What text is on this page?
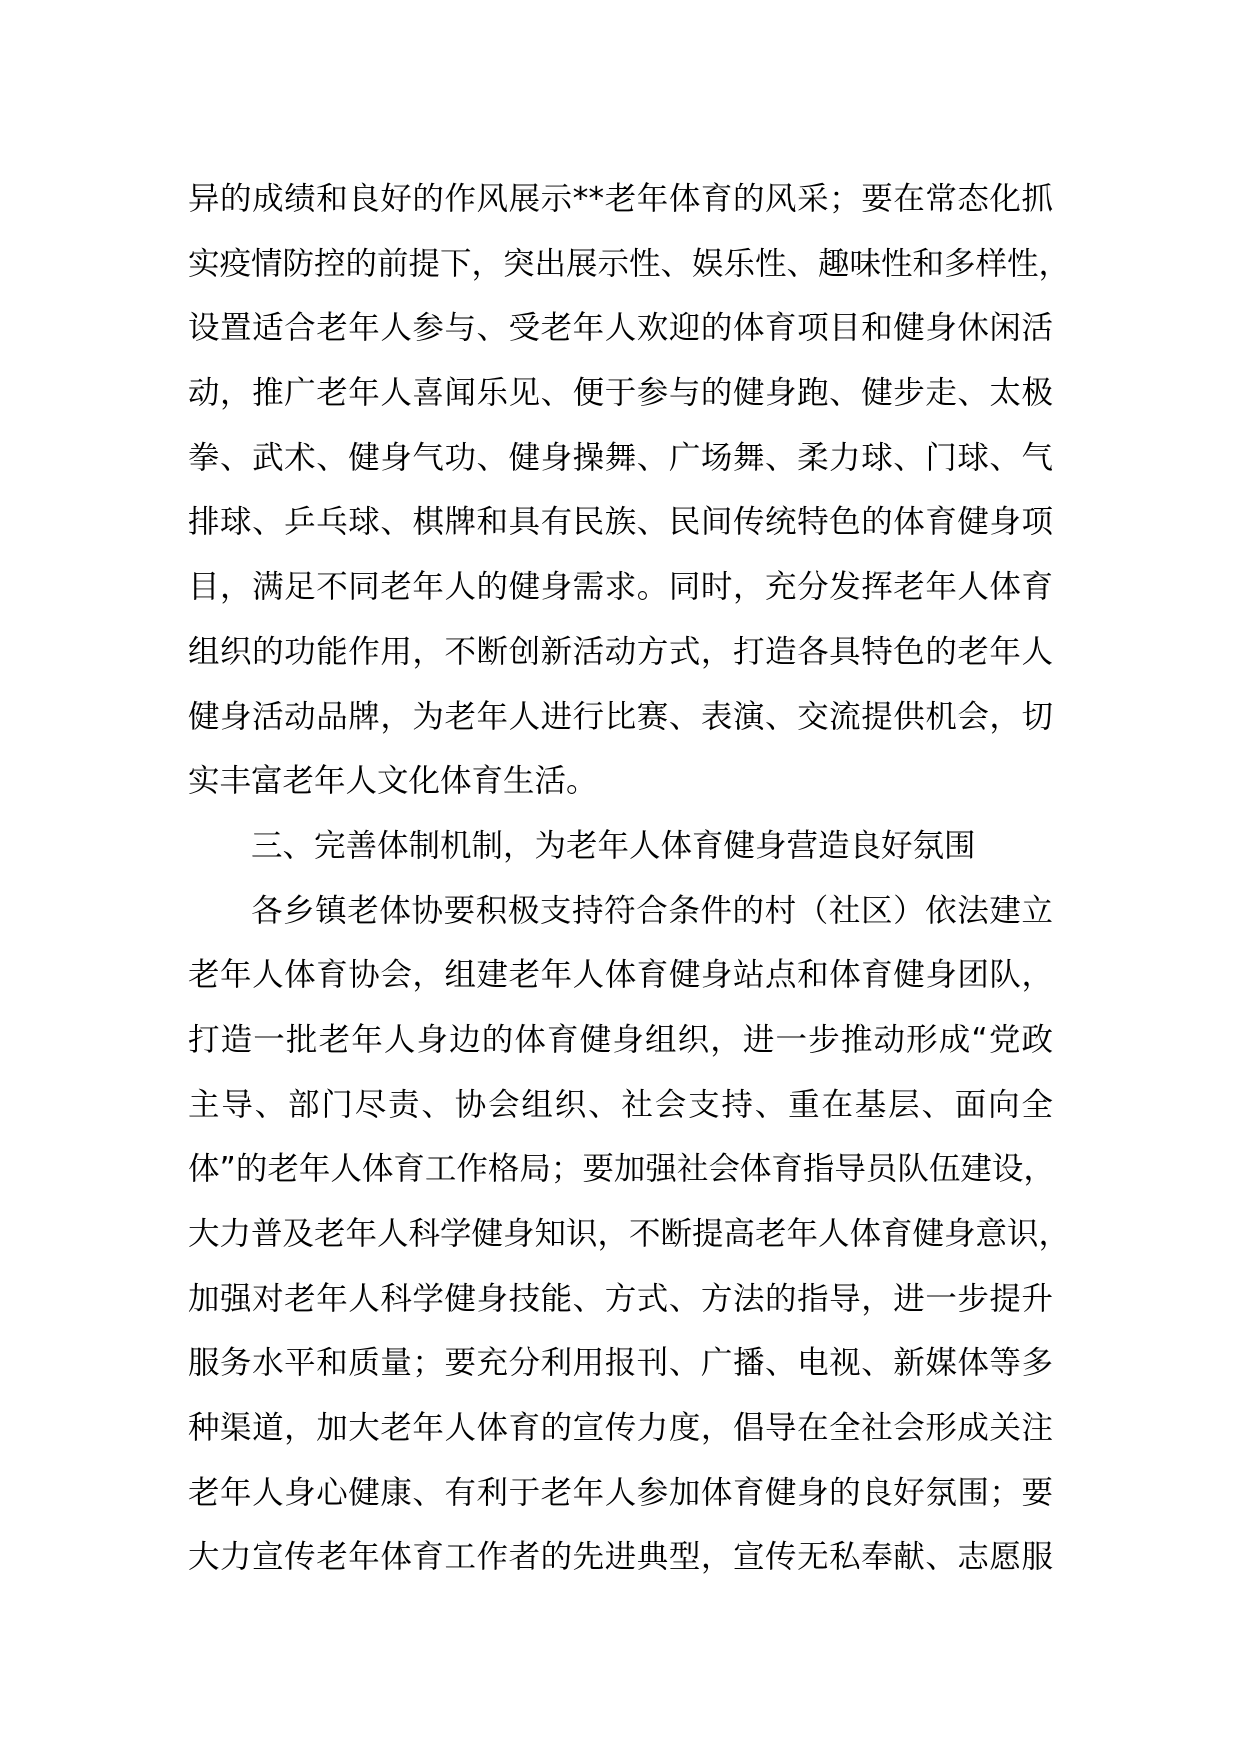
异的成绩和良好的作风展示**老年体育的风采；要在常态化抓
实疫情防控的前提下，突出展示性、娱乐性、趣味性和多样性，
设置适合老年人参与、受老年人欢迎的体育项目和健身休闲活
动，推广老年人喜闻乐见、便于参与的健身跑、健步走、太极
拳、武术、健身气功、健身操舞、广场舞、柔力球、门球、气
排球、乒乓球、棋牌和具有民族、民间传统特色的体育健身项
目，满足不同老年人的健身需求。同时，充分发挥老年人体育
组织的功能作用，不断创新活动方式，打造各具特色的老年人
健身活动品牌，为老年人进行比赛、表演、交流提供机会，切
实丰富老年人文化体育生活。
三、完善体制机制，为老年人体育健身营造良好氛围
各乡镇老体协要积极支持符合条件的村（社区）依法建立
老年人体育协会，组建老年人体育健身站点和体育健身团队，
打造一批老年人身边的体育健身组织，进一步推动形成“党政
主导、部门尽责、协会组织、社会支持、重在基层、面向全
体”的老年人体育工作格局；要加强社会体育指导员队伍建设，
大力普及老年人科学健身知识，不断提高老年人体育健身意识，
加强对老年人科学健身技能、方式、方法的指导，进一步提升
服务水平和质量；要充分利用报刊、广播、电视、新媒体等多
种渠道，加大老年人体育的宣传力度，倡导在全社会形成关注
老年人身心健康、有利于老年人参加体育健身的良好氛围；要
大力宣传老年体育工作者的先进典型，宣传无私奉献、志愿服
